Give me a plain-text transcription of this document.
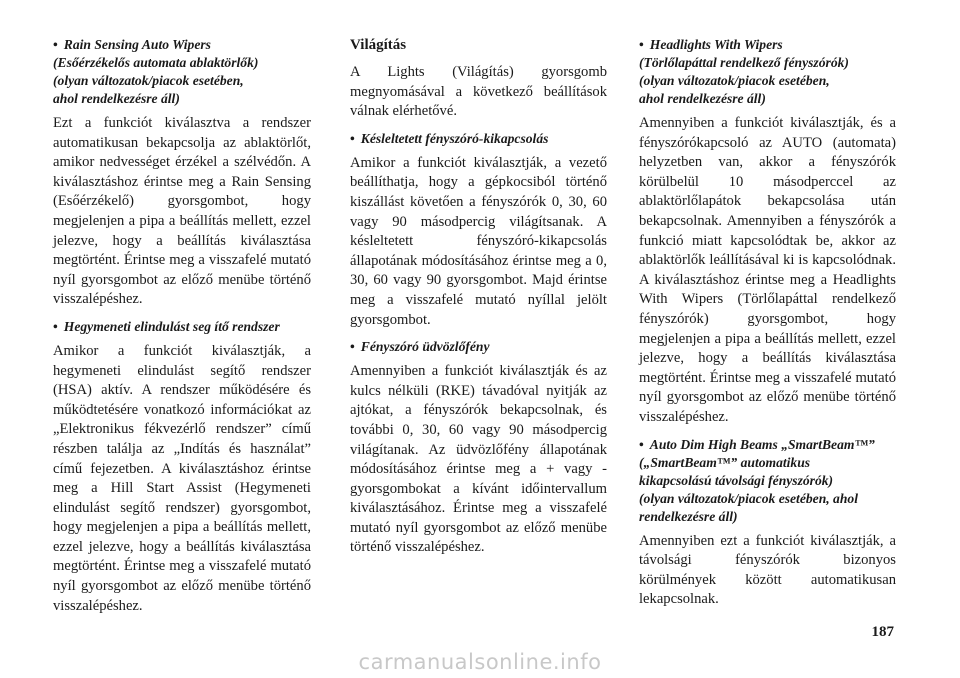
• Rain Sensing Auto Wipers
(Esőérzékelős automata ablaktörlők)
(olyan változatok/piacok esetében,
ahol rendelkezésre áll)

Ezt a funkciót kiválasztva a rendszer automatikusan bekapcsolja az ablaktörlőt, amikor nedvességet érzékel a szélvédőn. A kiválasztáshoz érintse meg a Rain Sensing (Esőérzékelő) gyorsgombot, hogy megjelenjen a pipa a beállítás mellett, ezzel jelezve, hogy a beállítás kiválasztása megtörtént. Érintse meg a visszafelé mutató nyíl gyorsgombot az előző menübe történő visszalépéshez.

• Hegymeneti elindulást seg ítő rendszer

Amikor a funkciót kiválasztják, a hegymeneti elindulást segítő rendszer (HSA) aktív. A rendszer működésére és működtetésére vonatkozó információkat az „Elektronikus fékvezérlő rendszer” című részben találja az „Indítás és használat” című fejezetben. A kiválasztáshoz érintse meg a Hill Start Assist (Hegymeneti elindulást segítő rendszer) gyorsgombot, hogy megjelenjen a pipa a beállítás mellett, ezzel jelezve, hogy a beállítás kiválasztása megtörtént. Érintse meg a visszafelé mutató nyíl gyorsgombot az előző menübe történő visszalépéshez.

Világítás

A Lights (Világítás) gyorsgomb megnyomásával a következő beállítások válnak elérhetővé.

• Késleltetett fényszóró-kikapcsolás

Amikor a funkciót kiválasztják, a vezető beállíthatja, hogy a gépkocsiból történő kiszállást követően a fényszórók 0, 30, 60 vagy 90 másodpercig világítsanak. A késleltetett fényszóró-kikapcsolás állapotának módosításához érintse meg a 0, 30, 60 vagy 90 gyorsgombot. Majd érintse meg a visszafelé mutató nyíllal jelölt gyorsgombot.

• Fényszóró üdvözlőfény

Amennyiben a funkciót kiválasztják és az kulcs nélküli (RKE) távadóval nyitják az ajtókat, a fényszórók bekapcsolnak, és további 0, 30, 60 vagy 90 másodpercig világítanak. Az üdvözlőfény állapotának módosításához érintse meg a + vagy - gyorsgombokat a kívánt időintervallum kiválasztásához. Érintse meg a visszafelé mutató nyíl gyorsgombot az előző menübe történő visszalépéshez.

• Headlights With Wipers
(Törlőlapáttal rendelkező fényszórók)
(olyan változatok/piacok esetében,
ahol rendelkezésre áll)

Amennyiben a funkciót kiválasztják, és a fényszórókapcsoló az AUTO (automata) helyzetben van, akkor a fényszórók körülbelül 10 másodperccel az ablaktörlőlapátok bekapcsolása után bekapcsolnak. Amennyiben a fényszórók a funkció miatt kapcsolódtak be, akkor az ablaktörlők leállításával ki is kapcsolódnak. A kiválasztáshoz érintse meg a Headlights With Wipers (Törlőlapáttal rendelkező fényszórók) gyorsgombot, hogy megjelenjen a pipa a beállítás mellett, ezzel jelezve, hogy a beállítás kiválasztása megtörtént. Érintse meg a visszafelé mutató nyíl gyorsgombot az előző menübe történő visszalépéshez.

• Auto Dim High Beams „SmartBeam™”
(„SmartBeam™” automatikus
kikapcsolású távolsági fényszórók)
(olyan változatok/piacok esetében, ahol
rendelkezésre áll)

Amennyiben ezt a funkciót kiválasztják, a távolsági fényszórók bizonyos körülmények között automatikusan lekapcsolnak.

187
carmanualsonline.info
